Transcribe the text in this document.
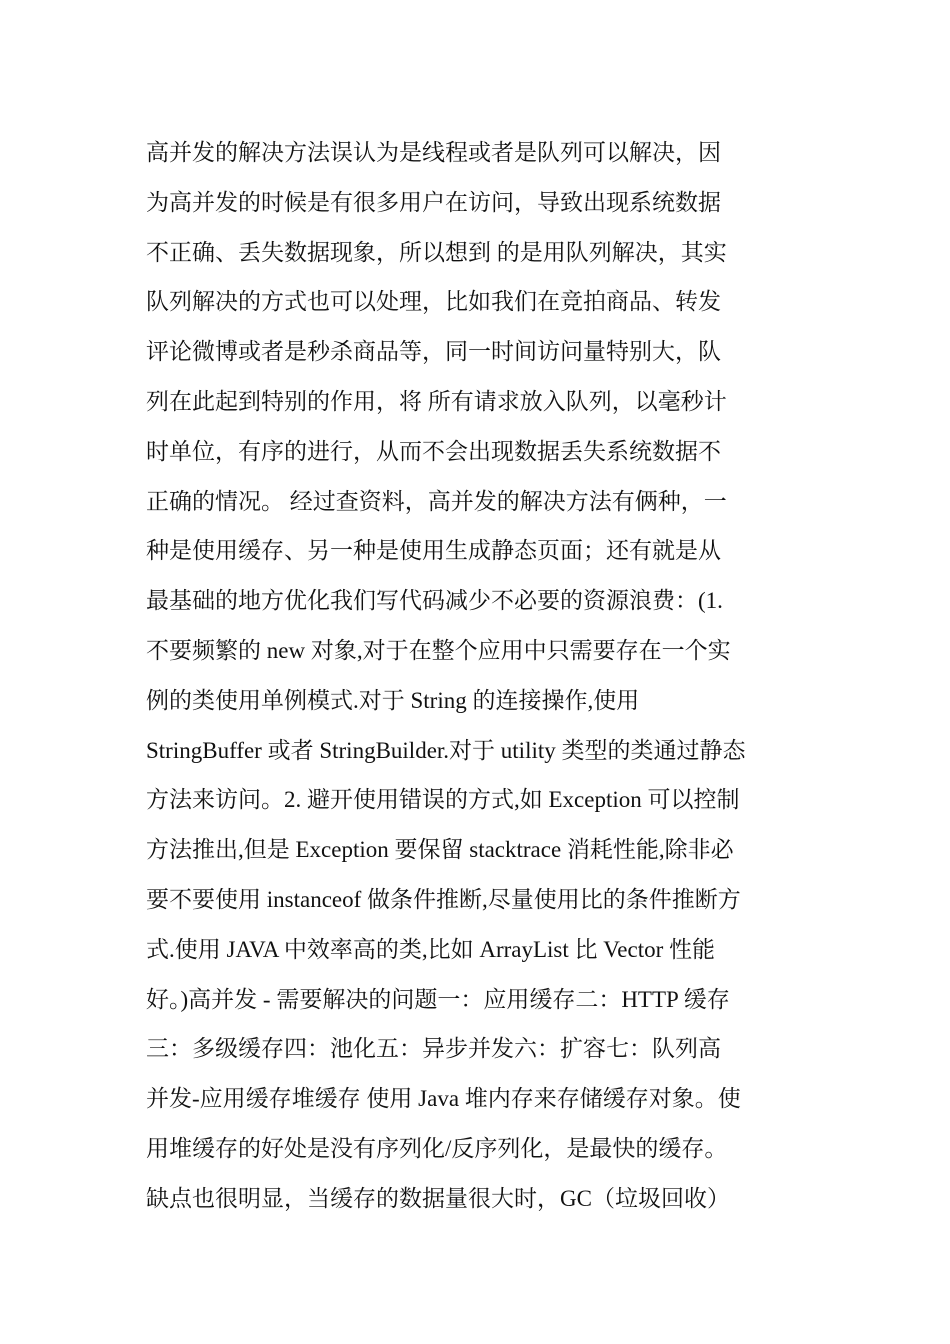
高并发的解决方法误认为是线程或者是队列可以解决，因
为高并发的时候是有很多用户在访问，导致出现系统数据
不正确、丢失数据现象，所以想到 的是用队列解决，其实
队列解决的方式也可以处理，比如我们在竞拍商品、转发
评论微博或者是秒杀商品等，同一时间访问量特别大，队
列在此起到特别的作用，将 所有请求放入队列，以毫秒计
时单位，有序的进行，从而不会出现数据丢失系统数据不
正确的情况。 经过查资料，高并发的解决方法有俩种，一
种是使用缓存、另一种是使用生成静态页面；还有就是从
最基础的地方优化我们写代码减少不必要的资源浪费：(1.
不要频繁的 new 对象,对于在整个应用中只需要存在一个实
例的类使用单例模式.对于 String 的连接操作,使用
StringBuffer 或者 StringBuilder.对于 utility 类型的类通过静态
方法来访问。2. 避开使用错误的方式,如 Exception 可以控制
方法推出,但是 Exception 要保留 stacktrace 消耗性能,除非必
要不要使用 instanceof 做条件推断,尽量使用比的条件推断方
式.使用 JAVA 中效率高的类,比如 ArrayList 比 Vector 性能
好。)高并发 - 需要解决的问题一：应用缓存二：HTTP 缓存
三：多级缓存四：池化五：异步并发六：扩容七：队列高
并发-应用缓存堆缓存 使用 Java 堆内存来存储缓存对象。使
用堆缓存的好处是没有序列化/反序列化，是最快的缓存。
缺点也很明显，当缓存的数据量很大时，GC（垃圾回收）
